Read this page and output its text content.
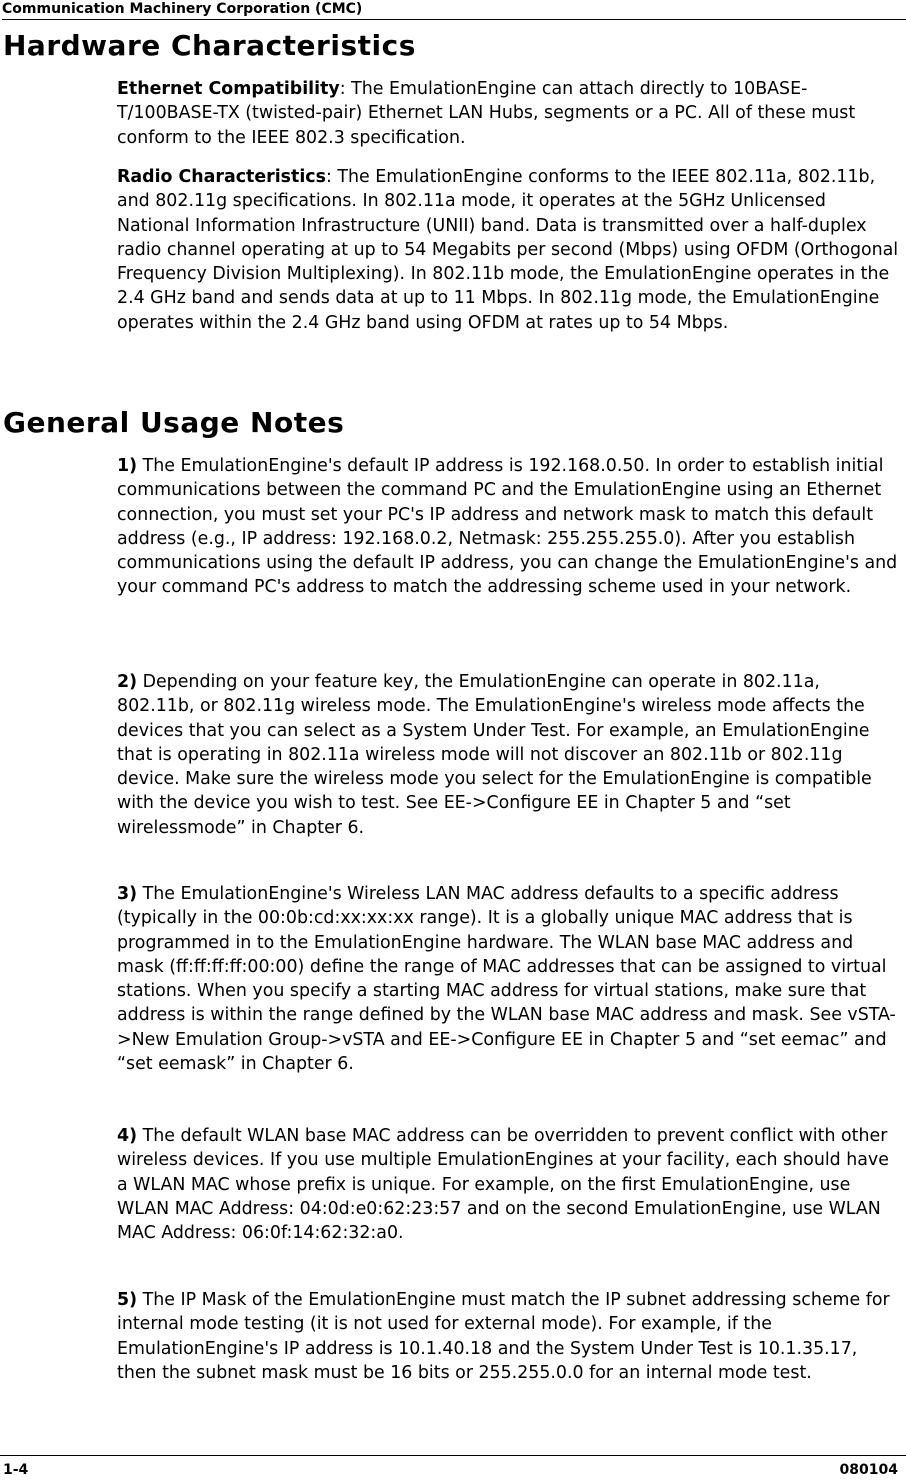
Communication Machinery Corporation (CMC)
Hardware Characteristics

Ethernet Compatibility: The EmulationEngine can attach directly to 10BASE-T/100BASE-TX (twisted-pair) Ethernet LAN Hubs, segments or a PC. All of these must conform to the IEEE 802.3 specification.

Radio Characteristics: The EmulationEngine conforms to the IEEE 802.11a, 802.11b, and 802.11g specifications. In 802.11a mode, it operates at the 5GHz Unlicensed National Information Infrastructure (UNII) band. Data is transmitted over a half-duplex radio channel operating at up to 54 Megabits per second (Mbps) using OFDM (Orthogonal Frequency Division Multiplexing). In 802.11b mode, the EmulationEngine operates in the 2.4 GHz band and sends data at up to 11 Mbps. In 802.11g mode, the EmulationEngine operates within the 2.4 GHz band using OFDM at rates up to 54 Mbps.

General Usage Notes

1) The EmulationEngine's default IP address is 192.168.0.50. In order to establish initial communications between the command PC and the EmulationEngine using an Ethernet connection, you must set your PC's IP address and network mask to match this default address (e.g., IP address: 192.168.0.2, Netmask: 255.255.255.0). After you establish communications using the default IP address, you can change the EmulationEngine's and your command PC's address to match the addressing scheme used in your network.

2) Depending on your feature key, the EmulationEngine can operate in 802.11a, 802.11b, or 802.11g wireless mode. The EmulationEngine's wireless mode affects the devices that you can select as a System Under Test. For example, an EmulationEngine that is operating in 802.11a wireless mode will not discover an 802.11b or 802.11g device. Make sure the wireless mode you select for the EmulationEngine is compatible with the device you wish to test. See EE->Configure EE in Chapter 5 and “set wirelessmode” in Chapter 6.

3) The EmulationEngine's Wireless LAN MAC address defaults to a specific address (typically in the 00:0b:cd:xx:xx:xx range). It is a globally unique MAC address that is programmed in to the EmulationEngine hardware. The WLAN base MAC address and mask (ff:ff:ff:ff:00:00) define the range of MAC addresses that can be assigned to virtual stations. When you specify a starting MAC address for virtual stations, make sure that address is within the range defined by the WLAN base MAC address and mask. See vSTA->New Emulation Group->vSTA and EE->Configure EE in Chapter 5 and “set eemac” and “set eemask” in Chapter 6.

4) The default WLAN base MAC address can be overridden to prevent conflict with other wireless devices. If you use multiple EmulationEngines at your facility, each should have a WLAN MAC whose prefix is unique. For example, on the first EmulationEngine, use WLAN MAC Address: 04:0d:e0:62:23:57 and on the second EmulationEngine, use WLAN MAC Address: 06:0f:14:62:32:a0.

5) The IP Mask of the EmulationEngine must match the IP subnet addressing scheme for internal mode testing (it is not used for external mode). For example, if the EmulationEngine's IP address is 10.1.40.18 and the System Under Test is 10.1.35.17, then the subnet mask must be 16 bits or 255.255.0.0 for an internal mode test.

1-4	080104
